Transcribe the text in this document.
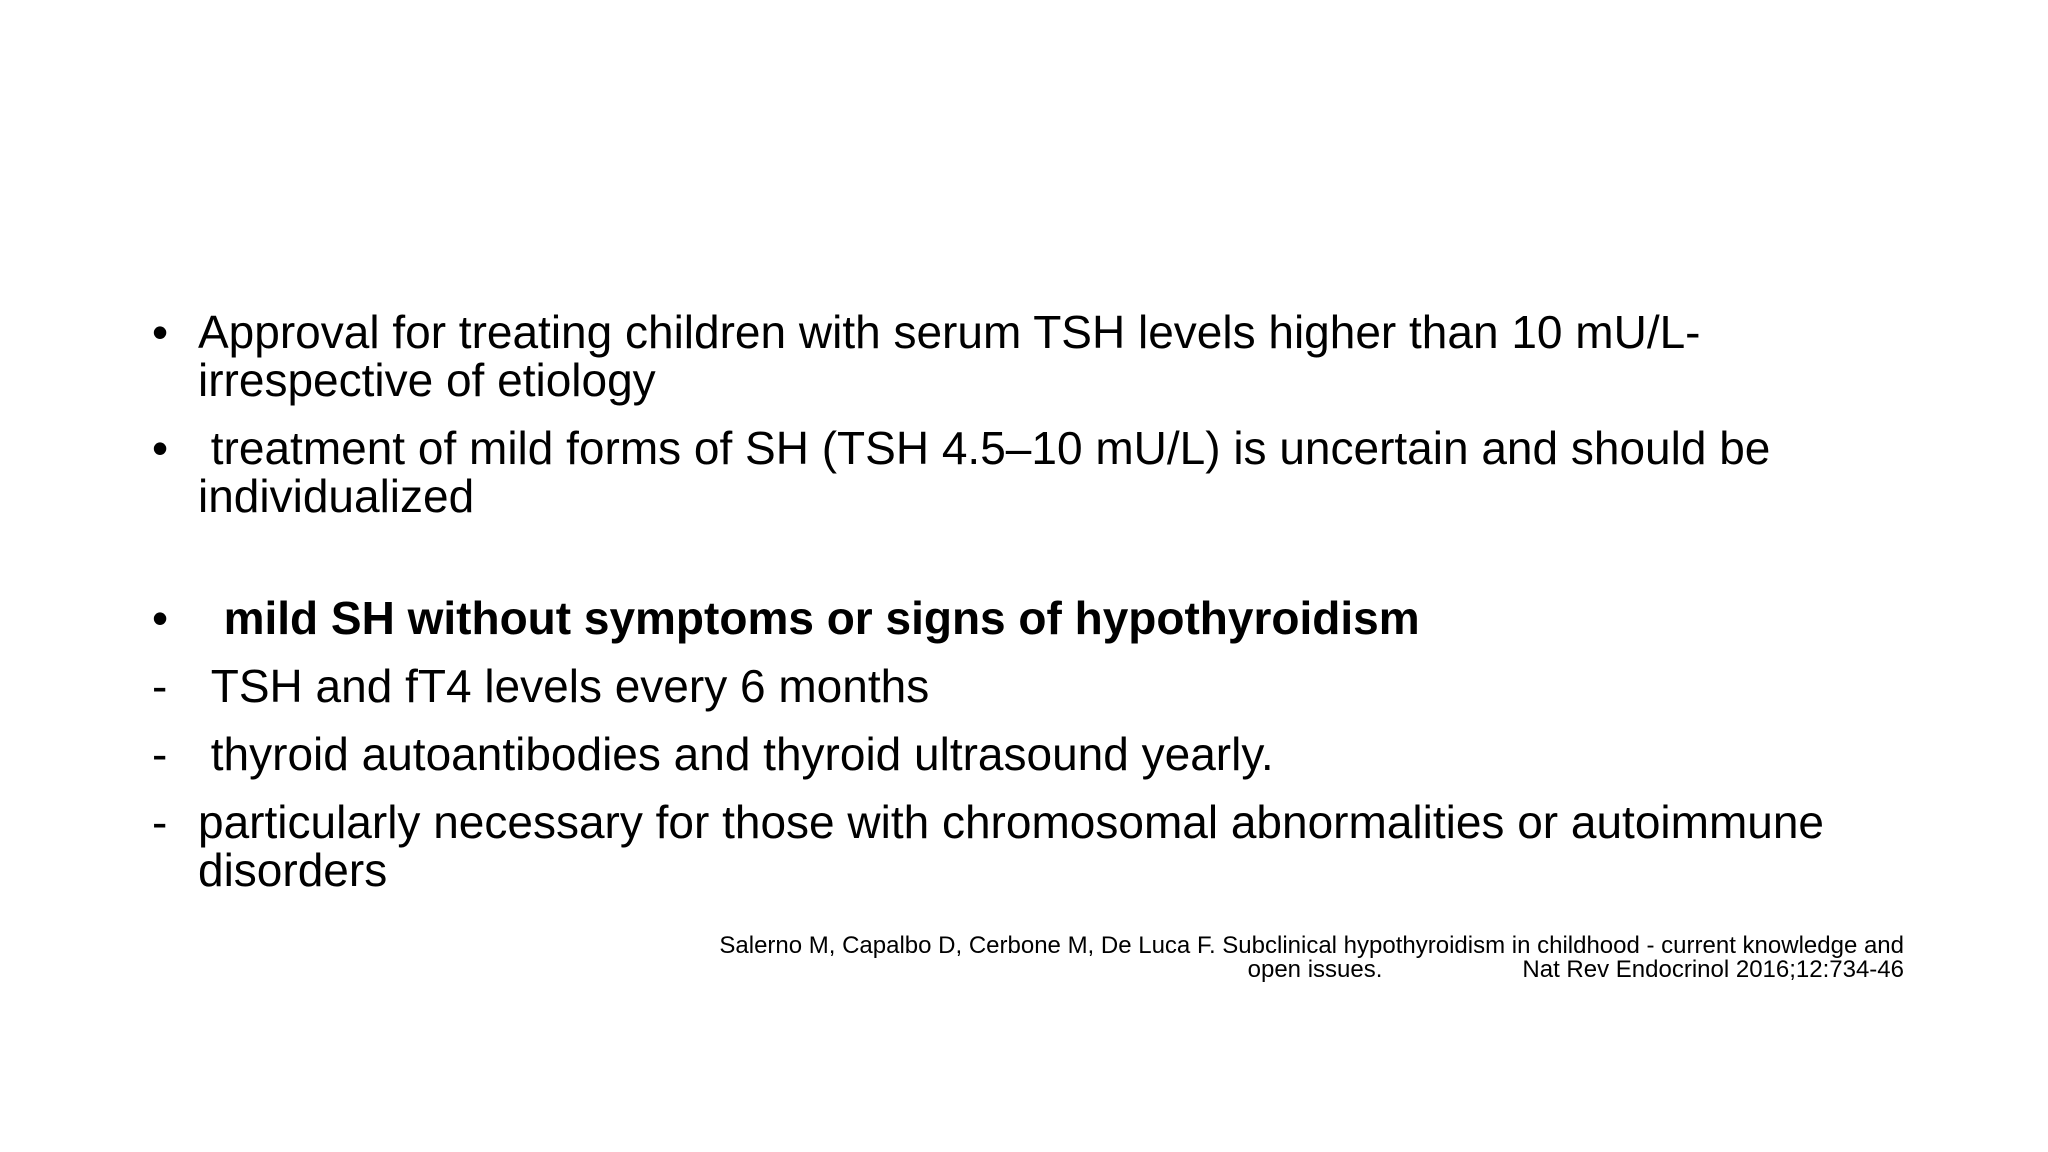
• Approval for treating children with serum TSH levels higher than 10 mU/L- irrespective of etiology
• treatment of mild forms of SH (TSH 4.5–10 mU/L) is uncertain and should be individualized
• mild SH without symptoms or signs of hypothyroidism
- TSH and fT4 levels every 6 months
- thyroid autoantibodies and thyroid ultrasound yearly.
- particularly necessary for those with chromosomal abnormalities or autoimmune disorders
Salerno M, Capalbo D, Cerbone M, De Luca F. Subclinical hypothyroidism in childhood - current knowledge and
open issues.	Nat Rev Endocrinol 2016;12:734-46
